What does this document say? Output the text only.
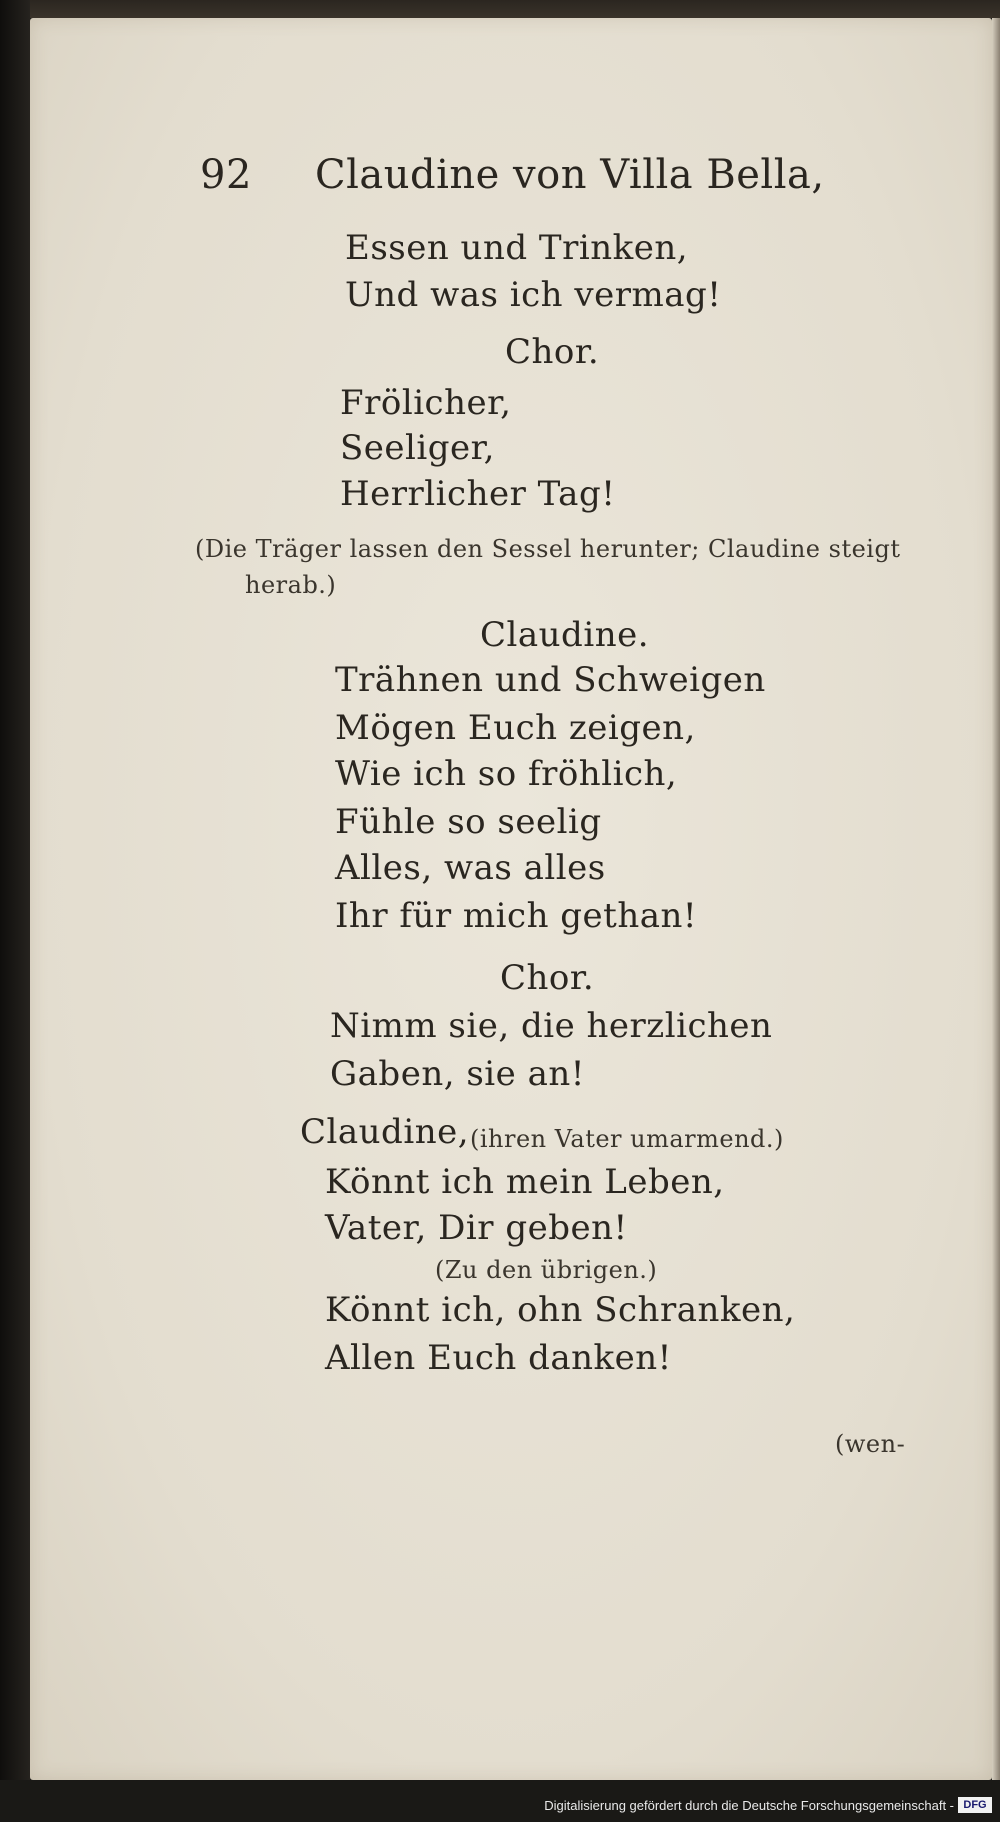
92 Claudine von Villa Bella,
Essen und Trinken,
Und was ich vermag!
Chor.
Frölicher,
Seeliger,
Herrlicher Tag!
(Die Träger lassen den Sessel herunter; Claudine steigt
herab.)
Claudine.
Trähnen und Schweigen
Mögen Euch zeigen,
Wie ich so fröhlich,
Fühle so seelig
Alles, was alles
Ihr für mich gethan!
Chor.
Nimm sie, die herzlichen
Gaben, sie an!
Claudine, (ihren Vater umarmend.)
Könnt ich mein Leben,
Vater, Dir geben!
(Zu den übrigen.)
Könnt ich, ohn Schranken,
Allen Euch danken!
(wen-
Digitalisierung gefördert durch die Deutsche Forschungsgemeinschaft - DFG
